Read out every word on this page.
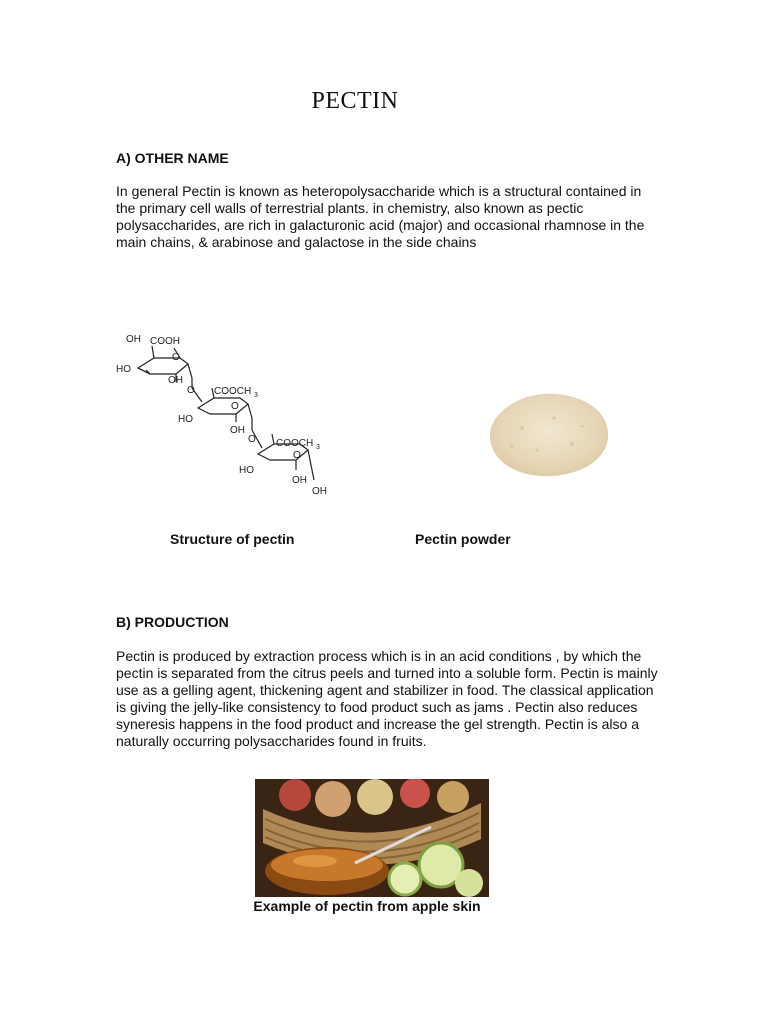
PECTIN
A) OTHER NAME
In general Pectin is known as heteropolysaccharide which is a structural contained in the primary cell walls of terrestrial plants. in chemistry, also known as pectic polysaccharides, are rich in galacturonic acid (major) and occasional rhamnose in the main chains, & arabinose and galactose in the side chains
OH COOH
O
HO
OH
O COOCH 3
O
HO
OH
O COOCH 3
O
HO
OH
OH
Structure of pectin	Pectin powder
B) PRODUCTION
Pectin is produced by extraction process which is in an acid conditions , by which the pectin is separated from the citrus peels and turned into a soluble form. Pectin is mainly use as a gelling agent, thickening agent and stabilizer in food. The classical application is giving the jelly-like consistency to food product such as jams . Pectin also reduces syneresis happens in the food product and increase the gel strength. Pectin is also a naturally occurring polysaccharides found in fruits.
Example of pectin from apple skin
